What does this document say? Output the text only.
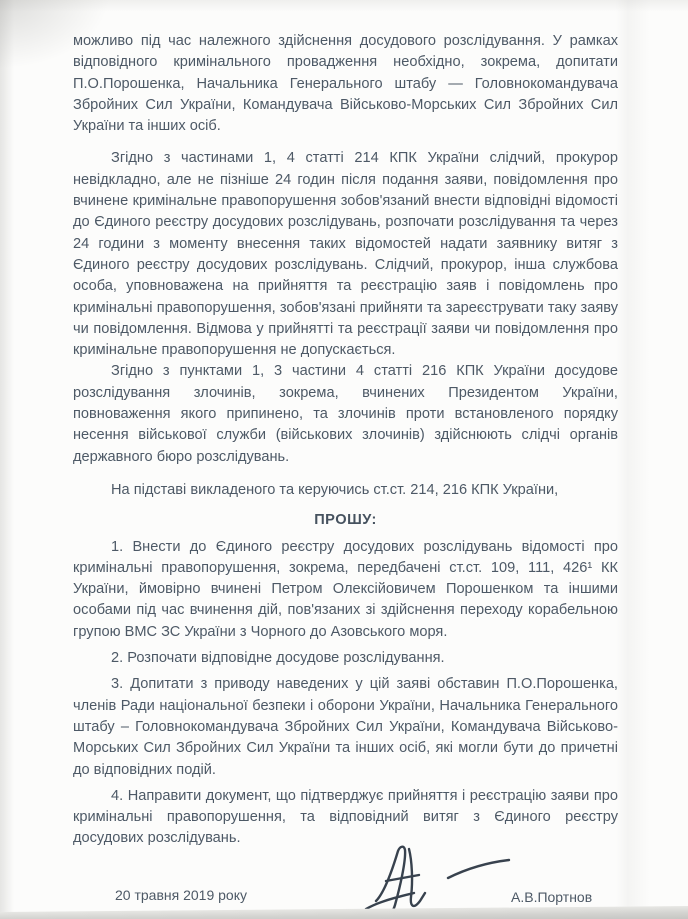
можливо під час належного здійснення досудового розслідування. У рамках відповідного кримінального провадження необхідно, зокрема, допитати П.О.Порошенка, Начальника Генерального штабу — Головнокомандувача Збройних Сил України, Командувача Військово-Морських Сил Збройних Сил України та інших осіб.

Згідно з частинами 1, 4 статті 214 КПК України слідчий, прокурор невідкладно, але не пізніше 24 годин після подання заяви, повідомлення про вчинене кримінальне правопорушення зобов'язаний внести відповідні відомості до Єдиного реєстру досудових розслідувань, розпочати розслідування та через 24 години з моменту внесення таких відомостей надати заявнику витяг з Єдиного реєстру досудових розслідувань. Слідчий, прокурор, інша службова особа, уповноважена на прийняття та реєстрацію заяв і повідомлень про кримінальні правопорушення, зобов'язані прийняти та зареєструвати таку заяву чи повідомлення. Відмова у прийнятті та реєстрації заяви чи повідомлення про кримінальне правопорушення не допускається.

Згідно з пунктами 1, 3 частини 4 статті 216 КПК України досудове розслідування злочинів, зокрема, вчинених Президентом України, повноваження якого припинено, та злочинів проти встановленого порядку несення військової служби (військових злочинів) здійснюють слідчі органів державного бюро розслідувань.

На підставі викладеного та керуючись ст.ст. 214, 216 КПК України,

ПРОШУ:

1. Внести до Єдиного реєстру досудових розслідувань відомості про кримінальні правопорушення, зокрема, передбачені ст.ст. 109, 111, 426¹ КК України, ймовірно вчинені Петром Олексійовичем Порошенком та іншими особами під час вчинення дій, пов'язаних зі здійснення переходу корабельною групою ВМС ЗС України з Чорного до Азовського моря.

2. Розпочати відповідне досудове розслідування.

3. Допитати з приводу наведених у цій заяві обставин П.О.Порошенка, членів Ради національної безпеки і оборони України, Начальника Генерального штабу – Головнокомандувача Збройних Сил України, Командувача Військово-Морських Сил Збройних Сил України та інших осіб, які могли бути до причетні до відповідних подій.

4. Направити документ, що підтверджує прийняття і реєстрацію заяви про кримінальні правопорушення, та відповідний витяг з Єдиного реєстру досудових розслідувань.

20 травня 2019 року	А.В.Портнов
